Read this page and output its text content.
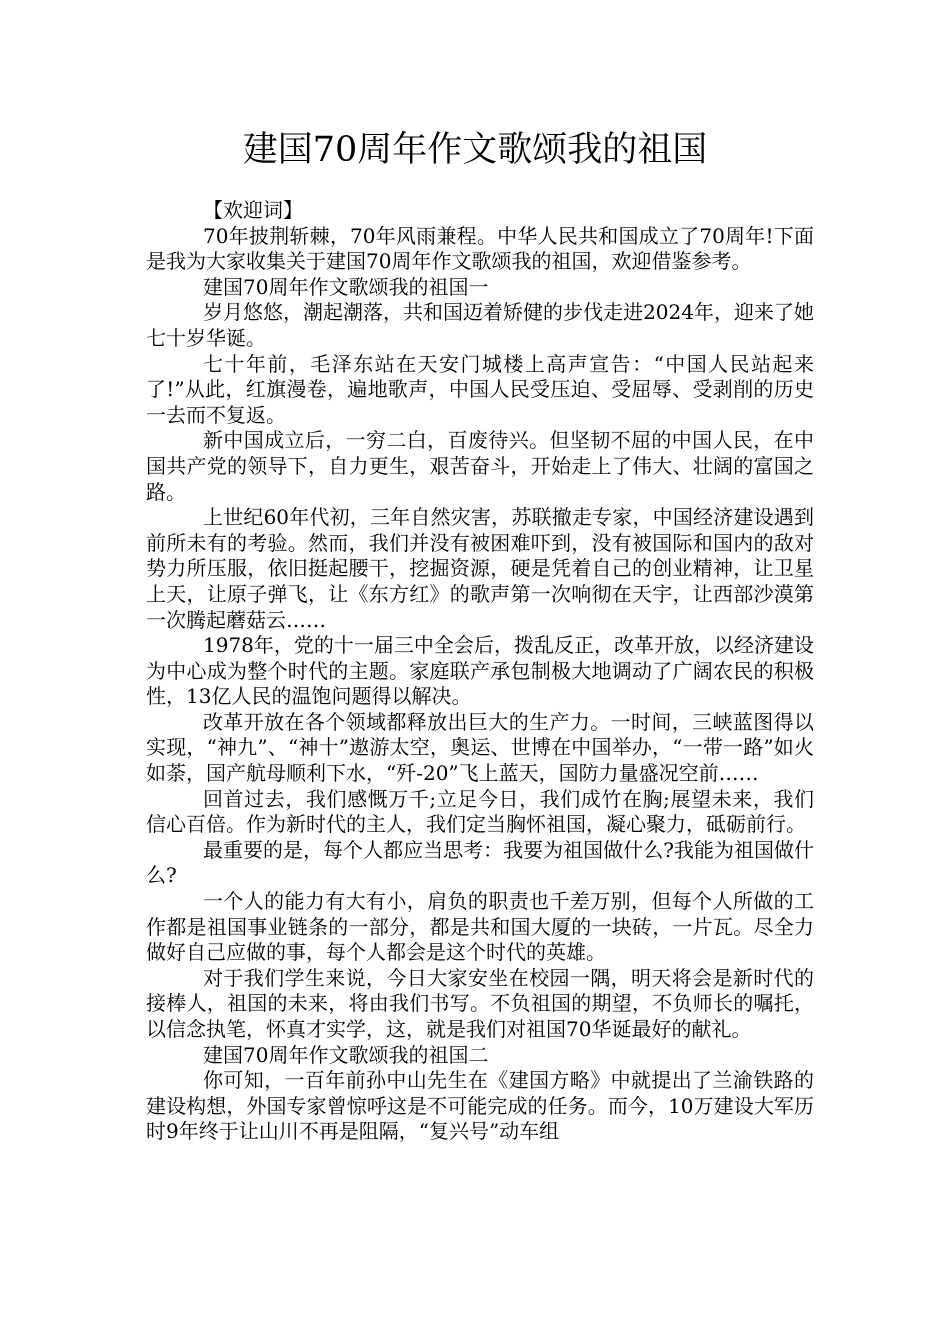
建国70周年作文歌颂我的祖国

【欢迎词】

70年披荆斩棘，70年风雨兼程。中华人民共和国成立了70周年!下面是我为大家收集关于建国70周年作文歌颂我的祖国，欢迎借鉴参考。

建国70周年作文歌颂我的祖国一

岁月悠悠，潮起潮落，共和国迈着矫健的步伐走进2024年，迎来了她七十岁华诞。

七十年前，毛泽东站在天安门城楼上高声宣告：“中国人民站起来了!”从此，红旗漫卷，遍地歌声，中国人民受压迫、受屈辱、受剥削的历史一去而不复返。

新中国成立后，一穷二白，百废待兴。但坚韧不屈的中国人民，在中国共产党的领导下，自力更生，艰苦奋斗，开始走上了伟大、壮阔的富国之路。

上世纪60年代初，三年自然灾害，苏联撤走专家，中国经济建设遇到前所未有的考验。然而，我们并没有被困难吓到，没有被国际和国内的敌对势力所压服，依旧挺起腰干，挖掘资源，硬是凭着自己的创业精神，让卫星上天，让原子弹飞，让《东方红》的歌声第一次响彻在天宇，让西部沙漠第一次腾起蘑菇云……

1978年，党的十一届三中全会后，拨乱反正，改革开放，以经济建设为中心成为整个时代的主题。家庭联产承包制极大地调动了广阔农民的积极性，13亿人民的温饱问题得以解决。

改革开放在各个领域都释放出巨大的生产力。一时间，三峡蓝图得以实现，“神九”、“神十”遨游太空，奥运、世博在中国举办，“一带一路”如火如荼，国产航母顺利下水，“歼-20”飞上蓝天，国防力量盛况空前……

回首过去，我们感慨万千;立足今日，我们成竹在胸;展望未来，我们信心百倍。作为新时代的主人，我们定当胸怀祖国，凝心聚力，砥砺前行。

最重要的是，每个人都应当思考：我要为祖国做什么?我能为祖国做什么?

一个人的能力有大有小，肩负的职责也千差万别，但每个人所做的工作都是祖国事业链条的一部分，都是共和国大厦的一块砖，一片瓦。尽全力做好自己应做的事，每个人都会是这个时代的英雄。

对于我们学生来说，今日大家安坐在校园一隅，明天将会是新时代的接棒人，祖国的未来，将由我们书写。不负祖国的期望，不负师长的嘱托，以信念执笔，怀真才实学，这，就是我们对祖国70华诞最好的献礼。

建国70周年作文歌颂我的祖国二

你可知，一百年前孙中山先生在《建国方略》中就提出了兰渝铁路的建设构想，外国专家曾惊呼这是不可能完成的任务。而今，10万建设大军历时9年终于让山川不再是阻隔，“复兴号”动车组
